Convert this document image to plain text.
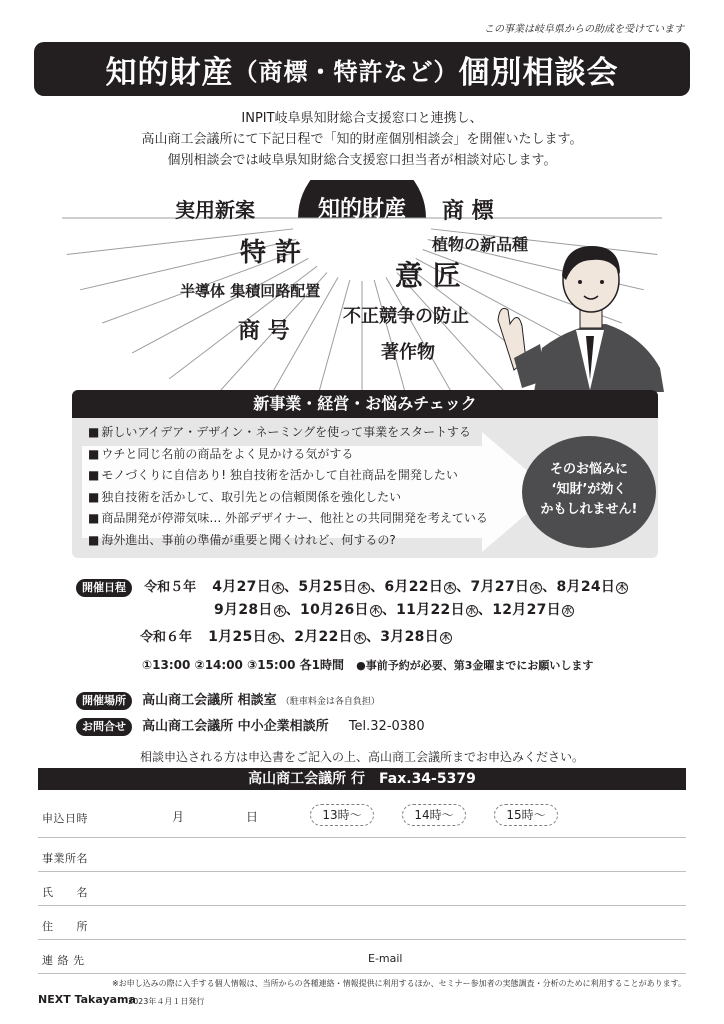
この事業は岐阜県からの助成を受けています
知的財産 （商標・特許など） 個別相談会
INPIT岐阜県知財総合支援窓口と連携し、
高山商工会議所にて下記日程で「知的財産個別相談会」を開催いたします。
個別相談会では岐阜県知財総合支援窓口担当者が相談対応します。
知的財産
実用新案	商 標
特 許	植物の新品種
意 匠
半導体 集積回路配置
不正競争の防止
商 号
著作物
新事業・経営・お悩みチェック
■ 新しいアイデア・デザイン・ネーミングを使って事業をスタートする
■ ウチと同じ名前の商品をよく見かける気がする
■ モノづくりに自信あり! 独自技術を活かして自社商品を開発したい
■ 独自技術を活かして、取引先との信頼関係を強化したい
■ 商品開発が停滞気味… 外部デザイナー、他社との共同開発を考えている
■ 海外進出、事前の準備が重要と聞くけれど、何するの?
そのお悩みに
‘知財’が効く
かもしれません!
開催日程 令和５年 4月27日 木 、5月25日 木 、6月22日 木 、7月27日 木 、8月24日 木
9月28日 木 、10月26日 木 、11月22日 水 、12月27日 水
令和６年 1月25日 木 、2月22日 木 、3月28日 木
①13:00 ②14:00 ③15:00 各1時間 ●事前予約が必要、第3金曜までにお願いします
開催場所 高山商工会議所 相談室 （駐車料金は各自負担）
お問合せ 高山商工会議所 中小企業相談所 Tel.32-0380
相談申込される方は申込書をご記入の上、高山商工会議所までお申込みください。
高山商工会議所 行　Fax.34-5379
申込日時	月	日	13時～	14時～	15時～
事業所名
氏　　名
住　　所
連 絡 先	E-mail
※お申し込みの際に入手する個人情報は、当所からの各種連絡・情報提供に利用するほか、セミナー参加者の実態調査・分析のために利用することがあります。
NEXT Takayama
2023年４月１日発行
